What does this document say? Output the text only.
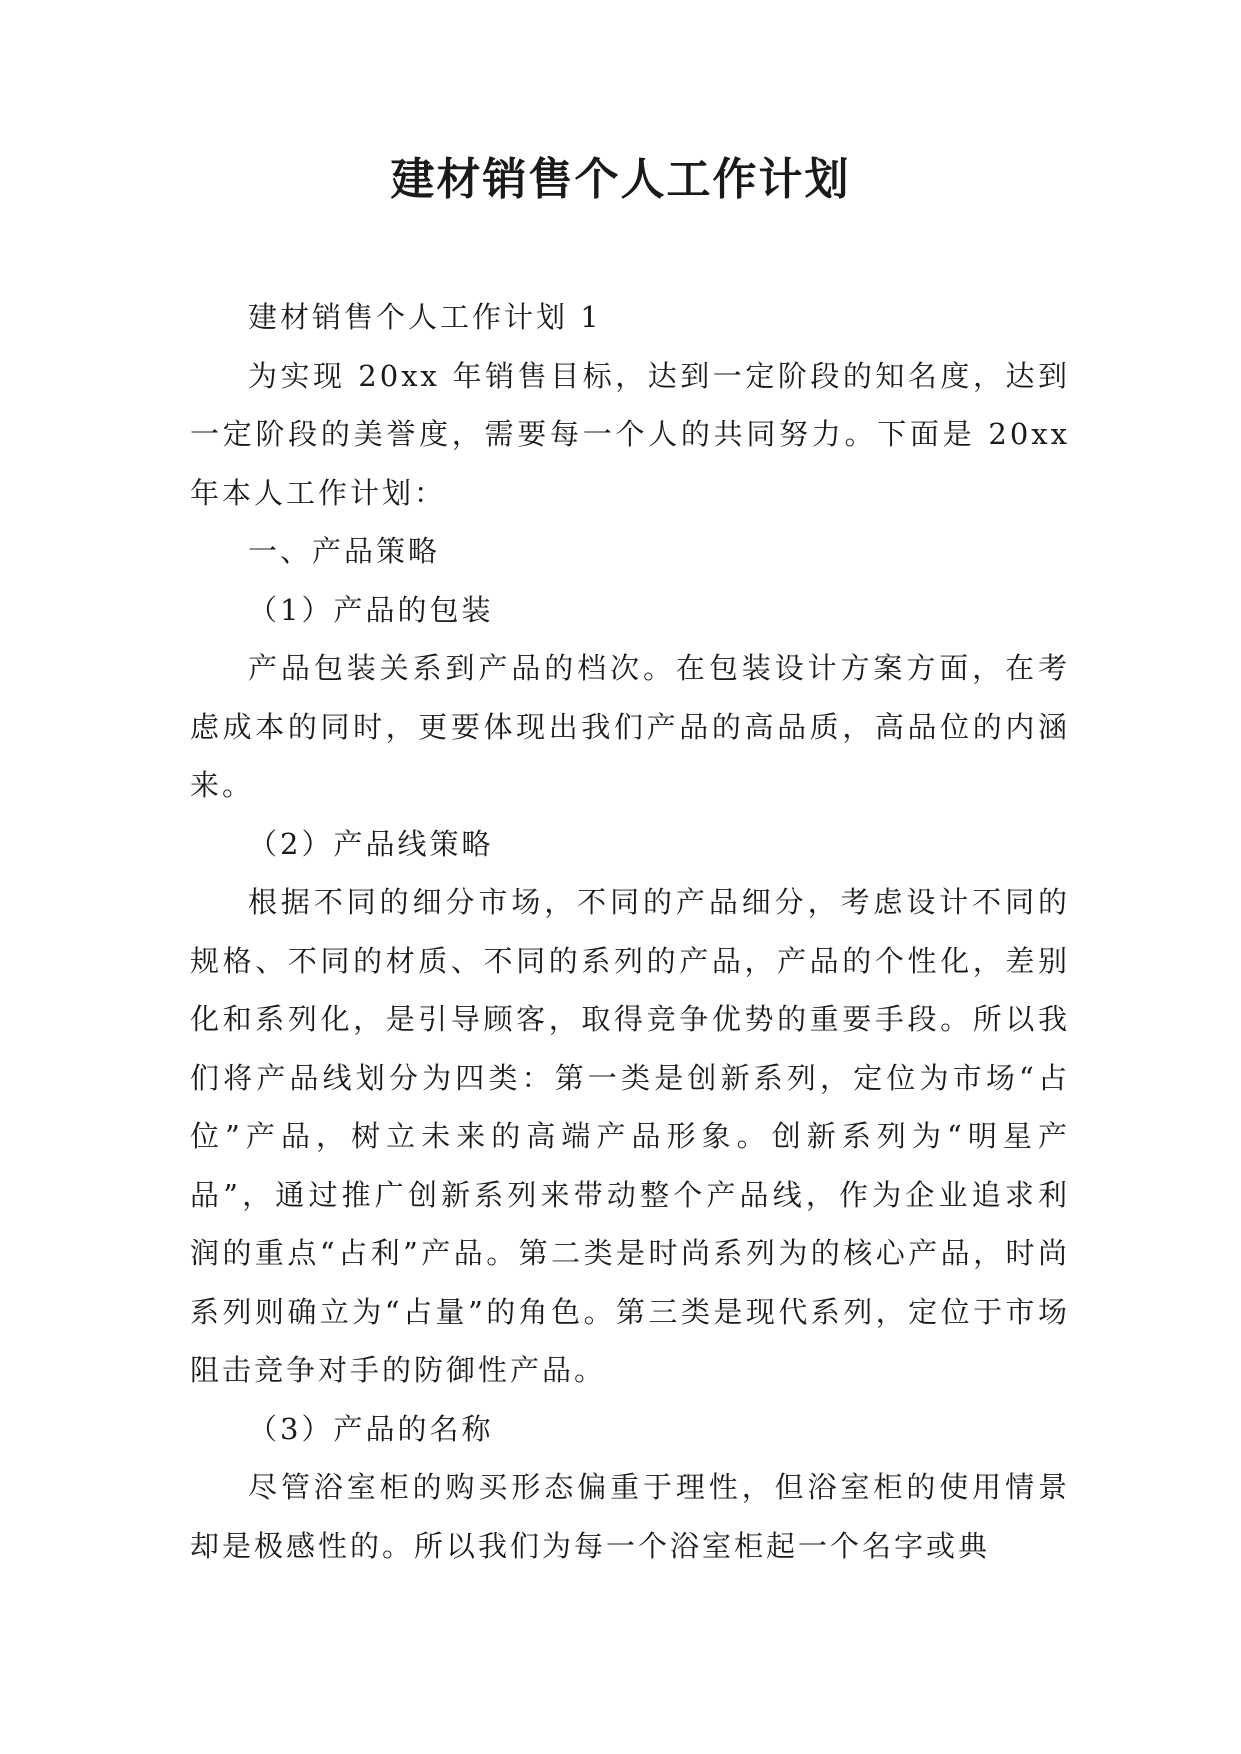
建材销售个人工作计划

建材销售个人工作计划 1

为实现 20xx 年销售目标，达到一定阶段的知名度，达到一定阶段的美誉度，需要每一个人的共同努力。下面是 20xx 年本人工作计划：

一、产品策略

（1）产品的包装

产品包装关系到产品的档次。在包装设计方案方面，在考虑成本的同时，更要体现出我们产品的高品质，高品位的内涵来。

（2）产品线策略

根据不同的细分市场，不同的产品细分，考虑设计不同的规格、不同的材质、不同的系列的产品，产品的个性化，差别化和系列化，是引导顾客，取得竞争优势的重要手段。所以我们将产品线划分为四类：第一类是创新系列，定位为市场“占位”产品，树立未来的高端产品形象。创新系列为“明星产品”，通过推广创新系列来带动整个产品线，作为企业追求利润的重点“占利”产品。第二类是时尚系列为的核心产品，时尚系列则确立为“占量”的角色。第三类是现代系列，定位于市场阻击竞争对手的防御性产品。

（3）产品的名称

尽管浴室柜的购买形态偏重于理性，但浴室柜的使用情景却是极感性的。所以我们为每一个浴室柜起一个名字或典
